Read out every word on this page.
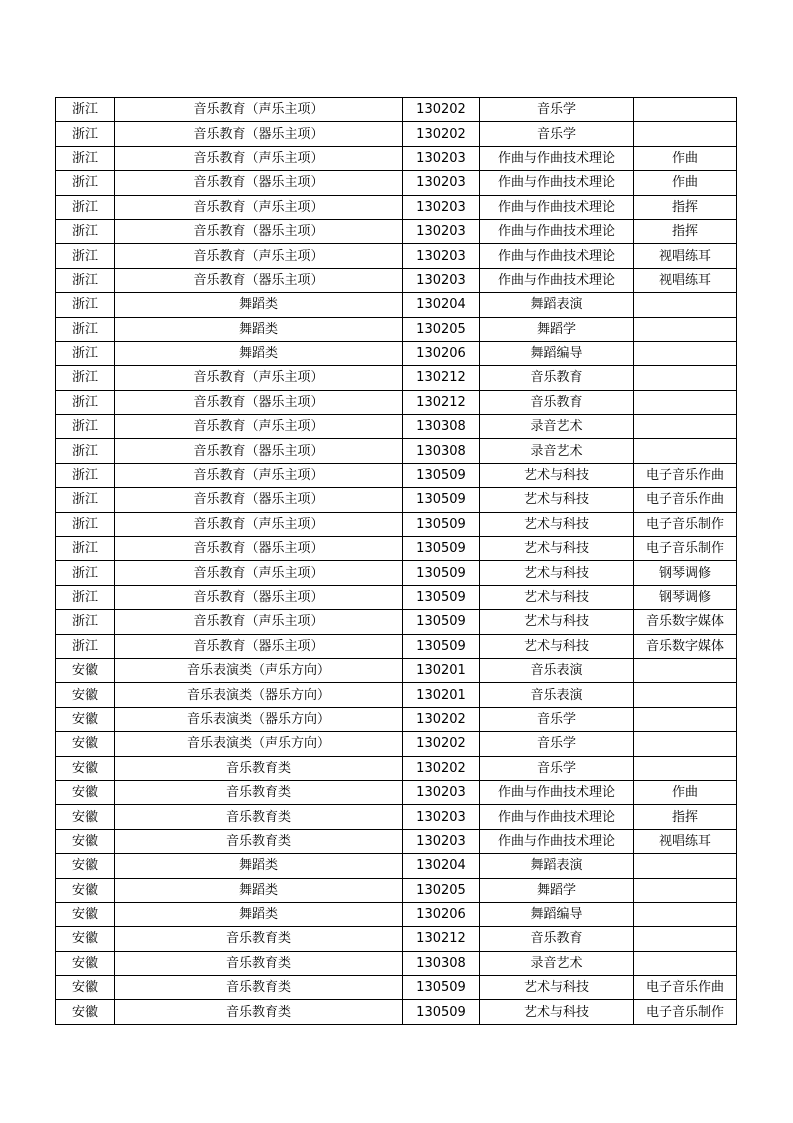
浙江	音乐教育（声乐主项）	130202	音乐学	
浙江	音乐教育（器乐主项）	130202	音乐学	
浙江	音乐教育（声乐主项）	130203	作曲与作曲技术理论	作曲
浙江	音乐教育（器乐主项）	130203	作曲与作曲技术理论	作曲
浙江	音乐教育（声乐主项）	130203	作曲与作曲技术理论	指挥
浙江	音乐教育（器乐主项）	130203	作曲与作曲技术理论	指挥
浙江	音乐教育（声乐主项）	130203	作曲与作曲技术理论	视唱练耳
浙江	音乐教育（器乐主项）	130203	作曲与作曲技术理论	视唱练耳
浙江	舞蹈类	130204	舞蹈表演	
浙江	舞蹈类	130205	舞蹈学	
浙江	舞蹈类	130206	舞蹈编导	
浙江	音乐教育（声乐主项）	130212	音乐教育	
浙江	音乐教育（器乐主项）	130212	音乐教育	
浙江	音乐教育（声乐主项）	130308	录音艺术	
浙江	音乐教育（器乐主项）	130308	录音艺术	
浙江	音乐教育（声乐主项）	130509	艺术与科技	电子音乐作曲
浙江	音乐教育（器乐主项）	130509	艺术与科技	电子音乐作曲
浙江	音乐教育（声乐主项）	130509	艺术与科技	电子音乐制作
浙江	音乐教育（器乐主项）	130509	艺术与科技	电子音乐制作
浙江	音乐教育（声乐主项）	130509	艺术与科技	钢琴调修
浙江	音乐教育（器乐主项）	130509	艺术与科技	钢琴调修
浙江	音乐教育（声乐主项）	130509	艺术与科技	音乐数字媒体
浙江	音乐教育（器乐主项）	130509	艺术与科技	音乐数字媒体
安徽	音乐表演类（声乐方向）	130201	音乐表演	
安徽	音乐表演类（器乐方向）	130201	音乐表演	
安徽	音乐表演类（器乐方向）	130202	音乐学	
安徽	音乐表演类（声乐方向）	130202	音乐学	
安徽	音乐教育类	130202	音乐学	
安徽	音乐教育类	130203	作曲与作曲技术理论	作曲
安徽	音乐教育类	130203	作曲与作曲技术理论	指挥
安徽	音乐教育类	130203	作曲与作曲技术理论	视唱练耳
安徽	舞蹈类	130204	舞蹈表演	
安徽	舞蹈类	130205	舞蹈学	
安徽	舞蹈类	130206	舞蹈编导	
安徽	音乐教育类	130212	音乐教育	
安徽	音乐教育类	130308	录音艺术	
安徽	音乐教育类	130509	艺术与科技	电子音乐作曲
安徽	音乐教育类	130509	艺术与科技	电子音乐制作
